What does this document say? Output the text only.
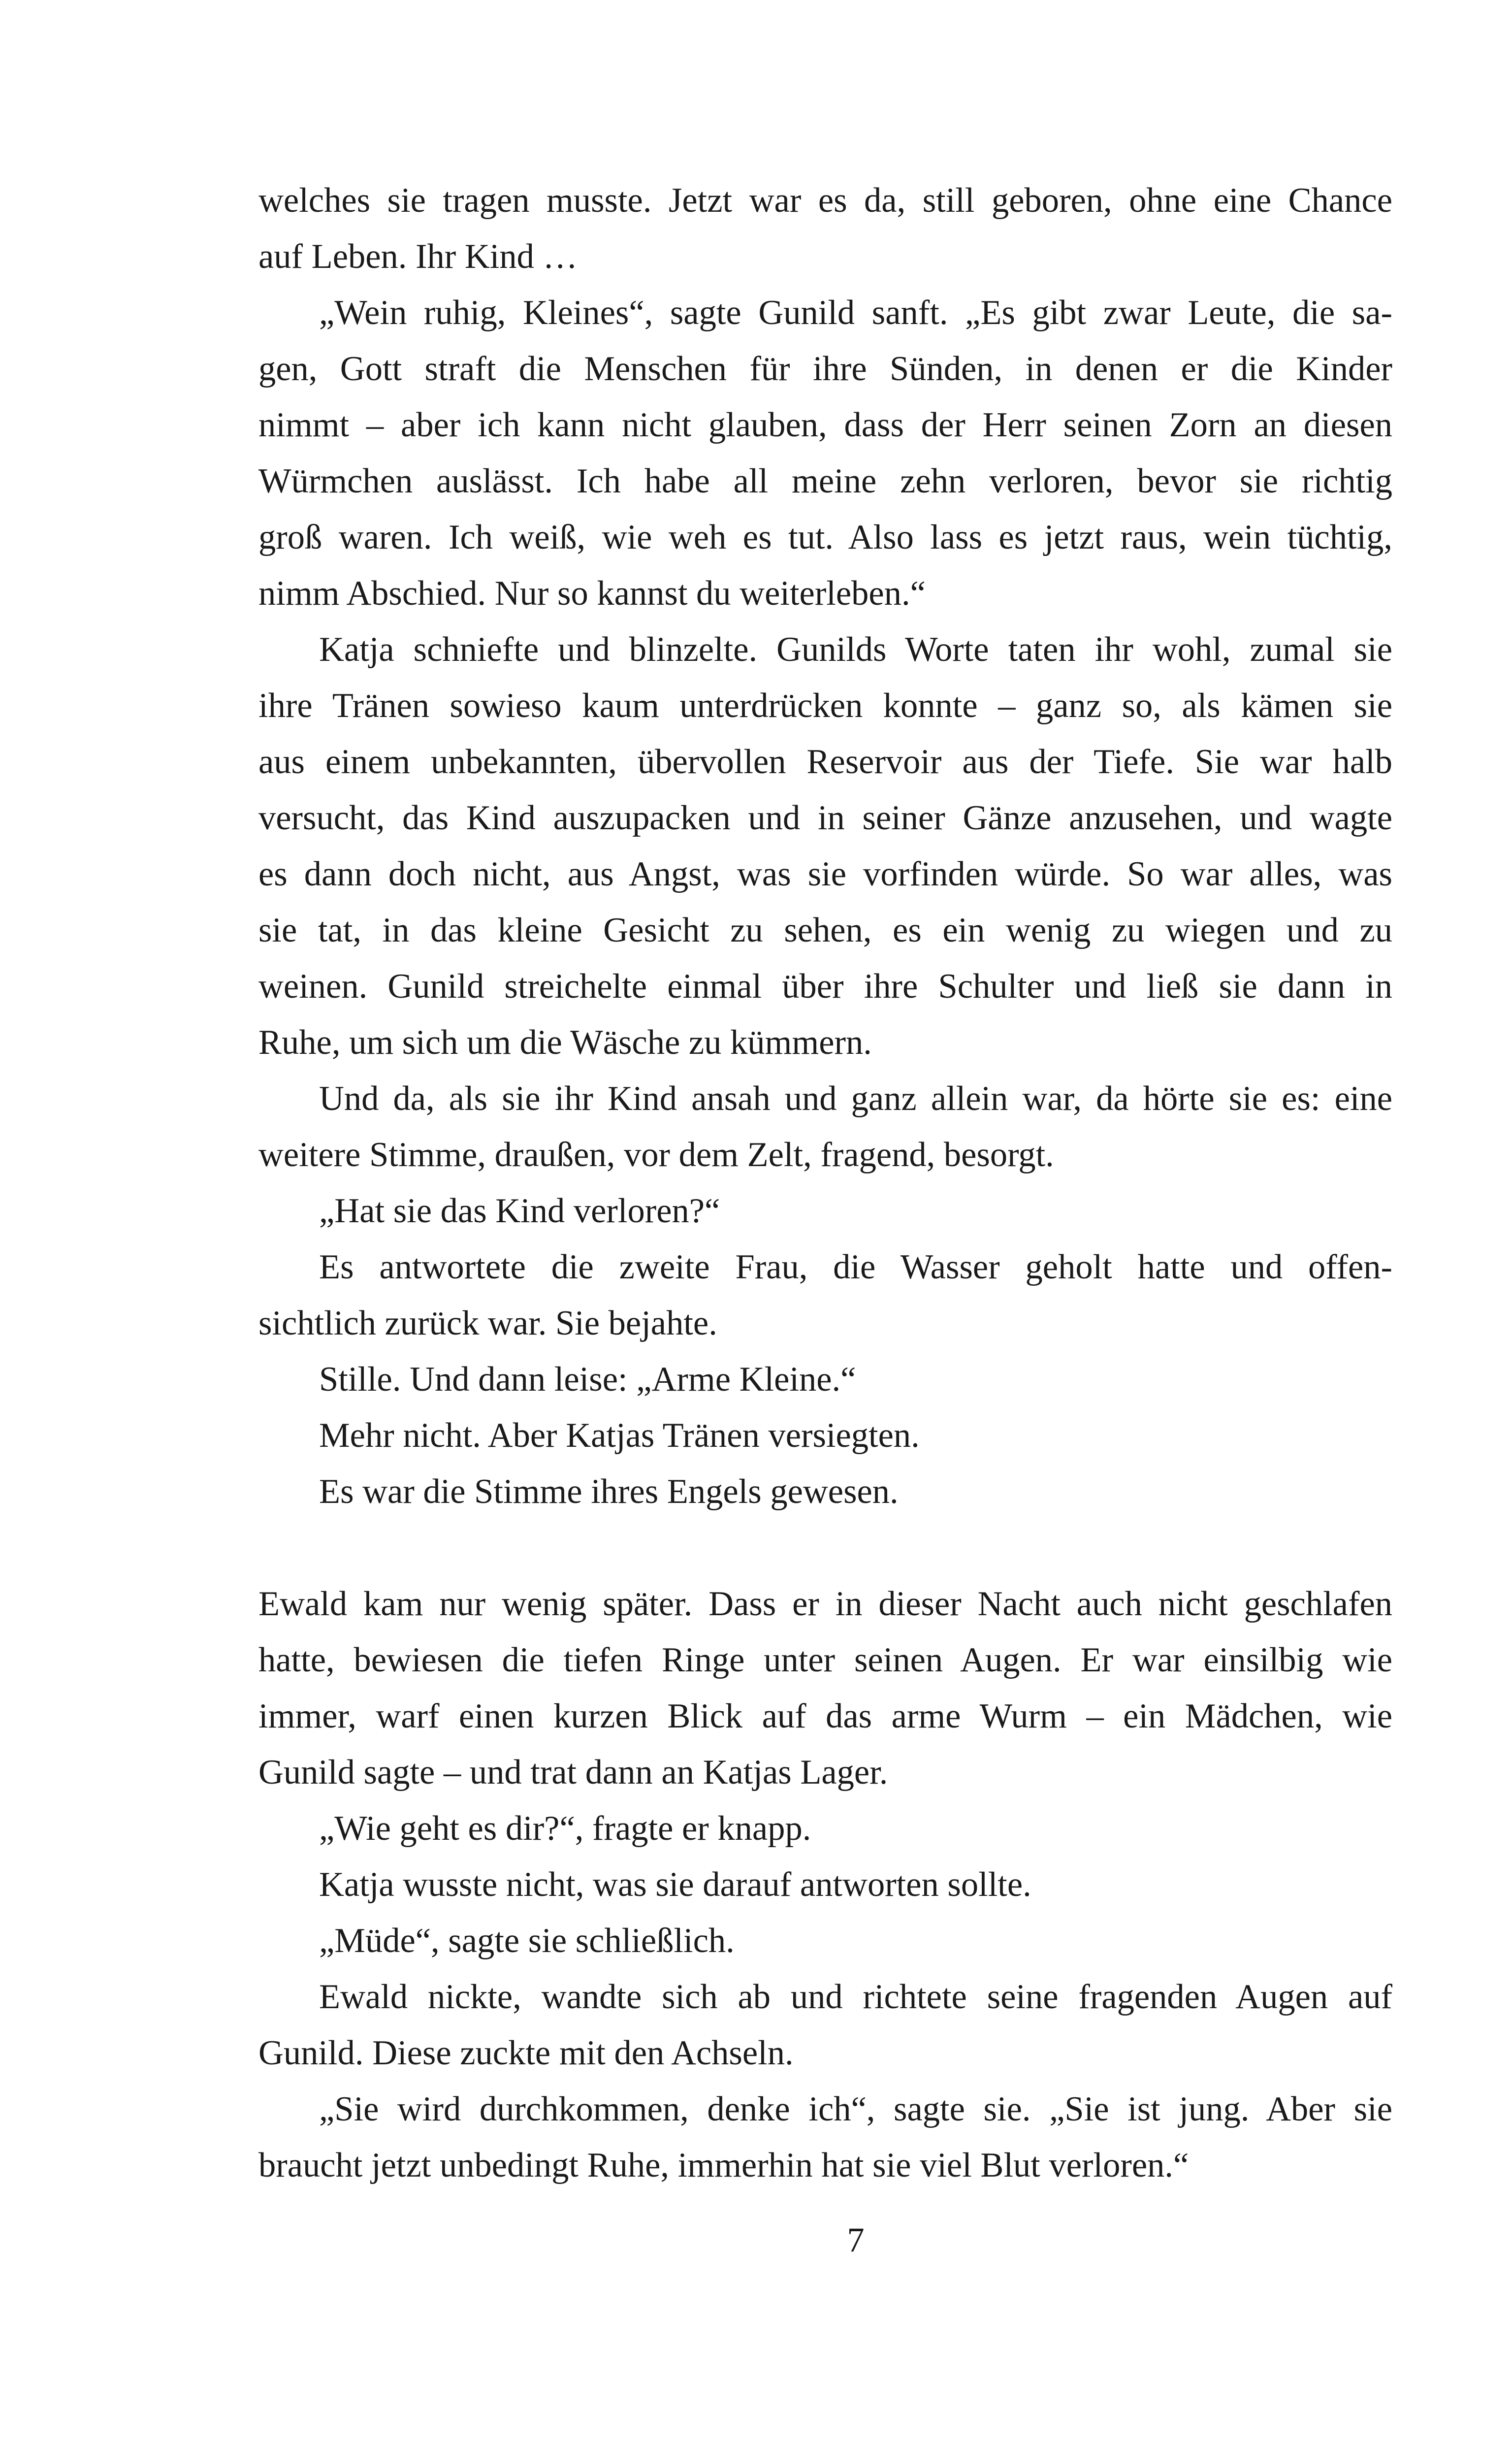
welches sie tragen musste. Jetzt war es da, still geboren, ohne eine Chance
auf Leben. Ihr Kind …
„Wein ruhig, Kleines“, sagte Gunild sanft. „Es gibt zwar Leute, die sa-
gen, Gott straft die Menschen für ihre Sünden, in denen er die Kinder
nimmt – aber ich kann nicht glauben, dass der Herr seinen Zorn an diesen
Würmchen auslässt. Ich habe all meine zehn verloren, bevor sie richtig
groß waren. Ich weiß, wie weh es tut. Also lass es jetzt raus, wein tüchtig,
nimm Abschied. Nur so kannst du weiterleben.“
Katja schniefte und blinzelte. Gunilds Worte taten ihr wohl, zumal sie
ihre Tränen sowieso kaum unterdrücken konnte – ganz so, als kämen sie
aus einem unbekannten, übervollen Reservoir aus der Tiefe. Sie war halb
versucht, das Kind auszupacken und in seiner Gänze anzusehen, und wagte
es dann doch nicht, aus Angst, was sie vorfinden würde. So war alles, was
sie tat, in das kleine Gesicht zu sehen, es ein wenig zu wiegen und zu
weinen. Gunild streichelte einmal über ihre Schulter und ließ sie dann in
Ruhe, um sich um die Wäsche zu kümmern.
Und da, als sie ihr Kind ansah und ganz allein war, da hörte sie es: eine
weitere Stimme, draußen, vor dem Zelt, fragend, besorgt.
„Hat sie das Kind verloren?“
Es antwortete die zweite Frau, die Wasser geholt hatte und offen-
sichtlich zurück war. Sie bejahte.
Stille. Und dann leise: „Arme Kleine.“
Mehr nicht. Aber Katjas Tränen versiegten.
Es war die Stimme ihres Engels gewesen.
Ewald kam nur wenig später. Dass er in dieser Nacht auch nicht geschlafen
hatte, bewiesen die tiefen Ringe unter seinen Augen. Er war einsilbig wie
immer, warf einen kurzen Blick auf das arme Wurm – ein Mädchen, wie
Gunild sagte – und trat dann an Katjas Lager.
„Wie geht es dir?“, fragte er knapp.
Katja wusste nicht, was sie darauf antworten sollte.
„Müde“, sagte sie schließlich.
Ewald nickte, wandte sich ab und richtete seine fragenden Augen auf
Gunild. Diese zuckte mit den Achseln.
„Sie wird durchkommen, denke ich“, sagte sie. „Sie ist jung. Aber sie
braucht jetzt unbedingt Ruhe, immerhin hat sie viel Blut verloren.“
7
